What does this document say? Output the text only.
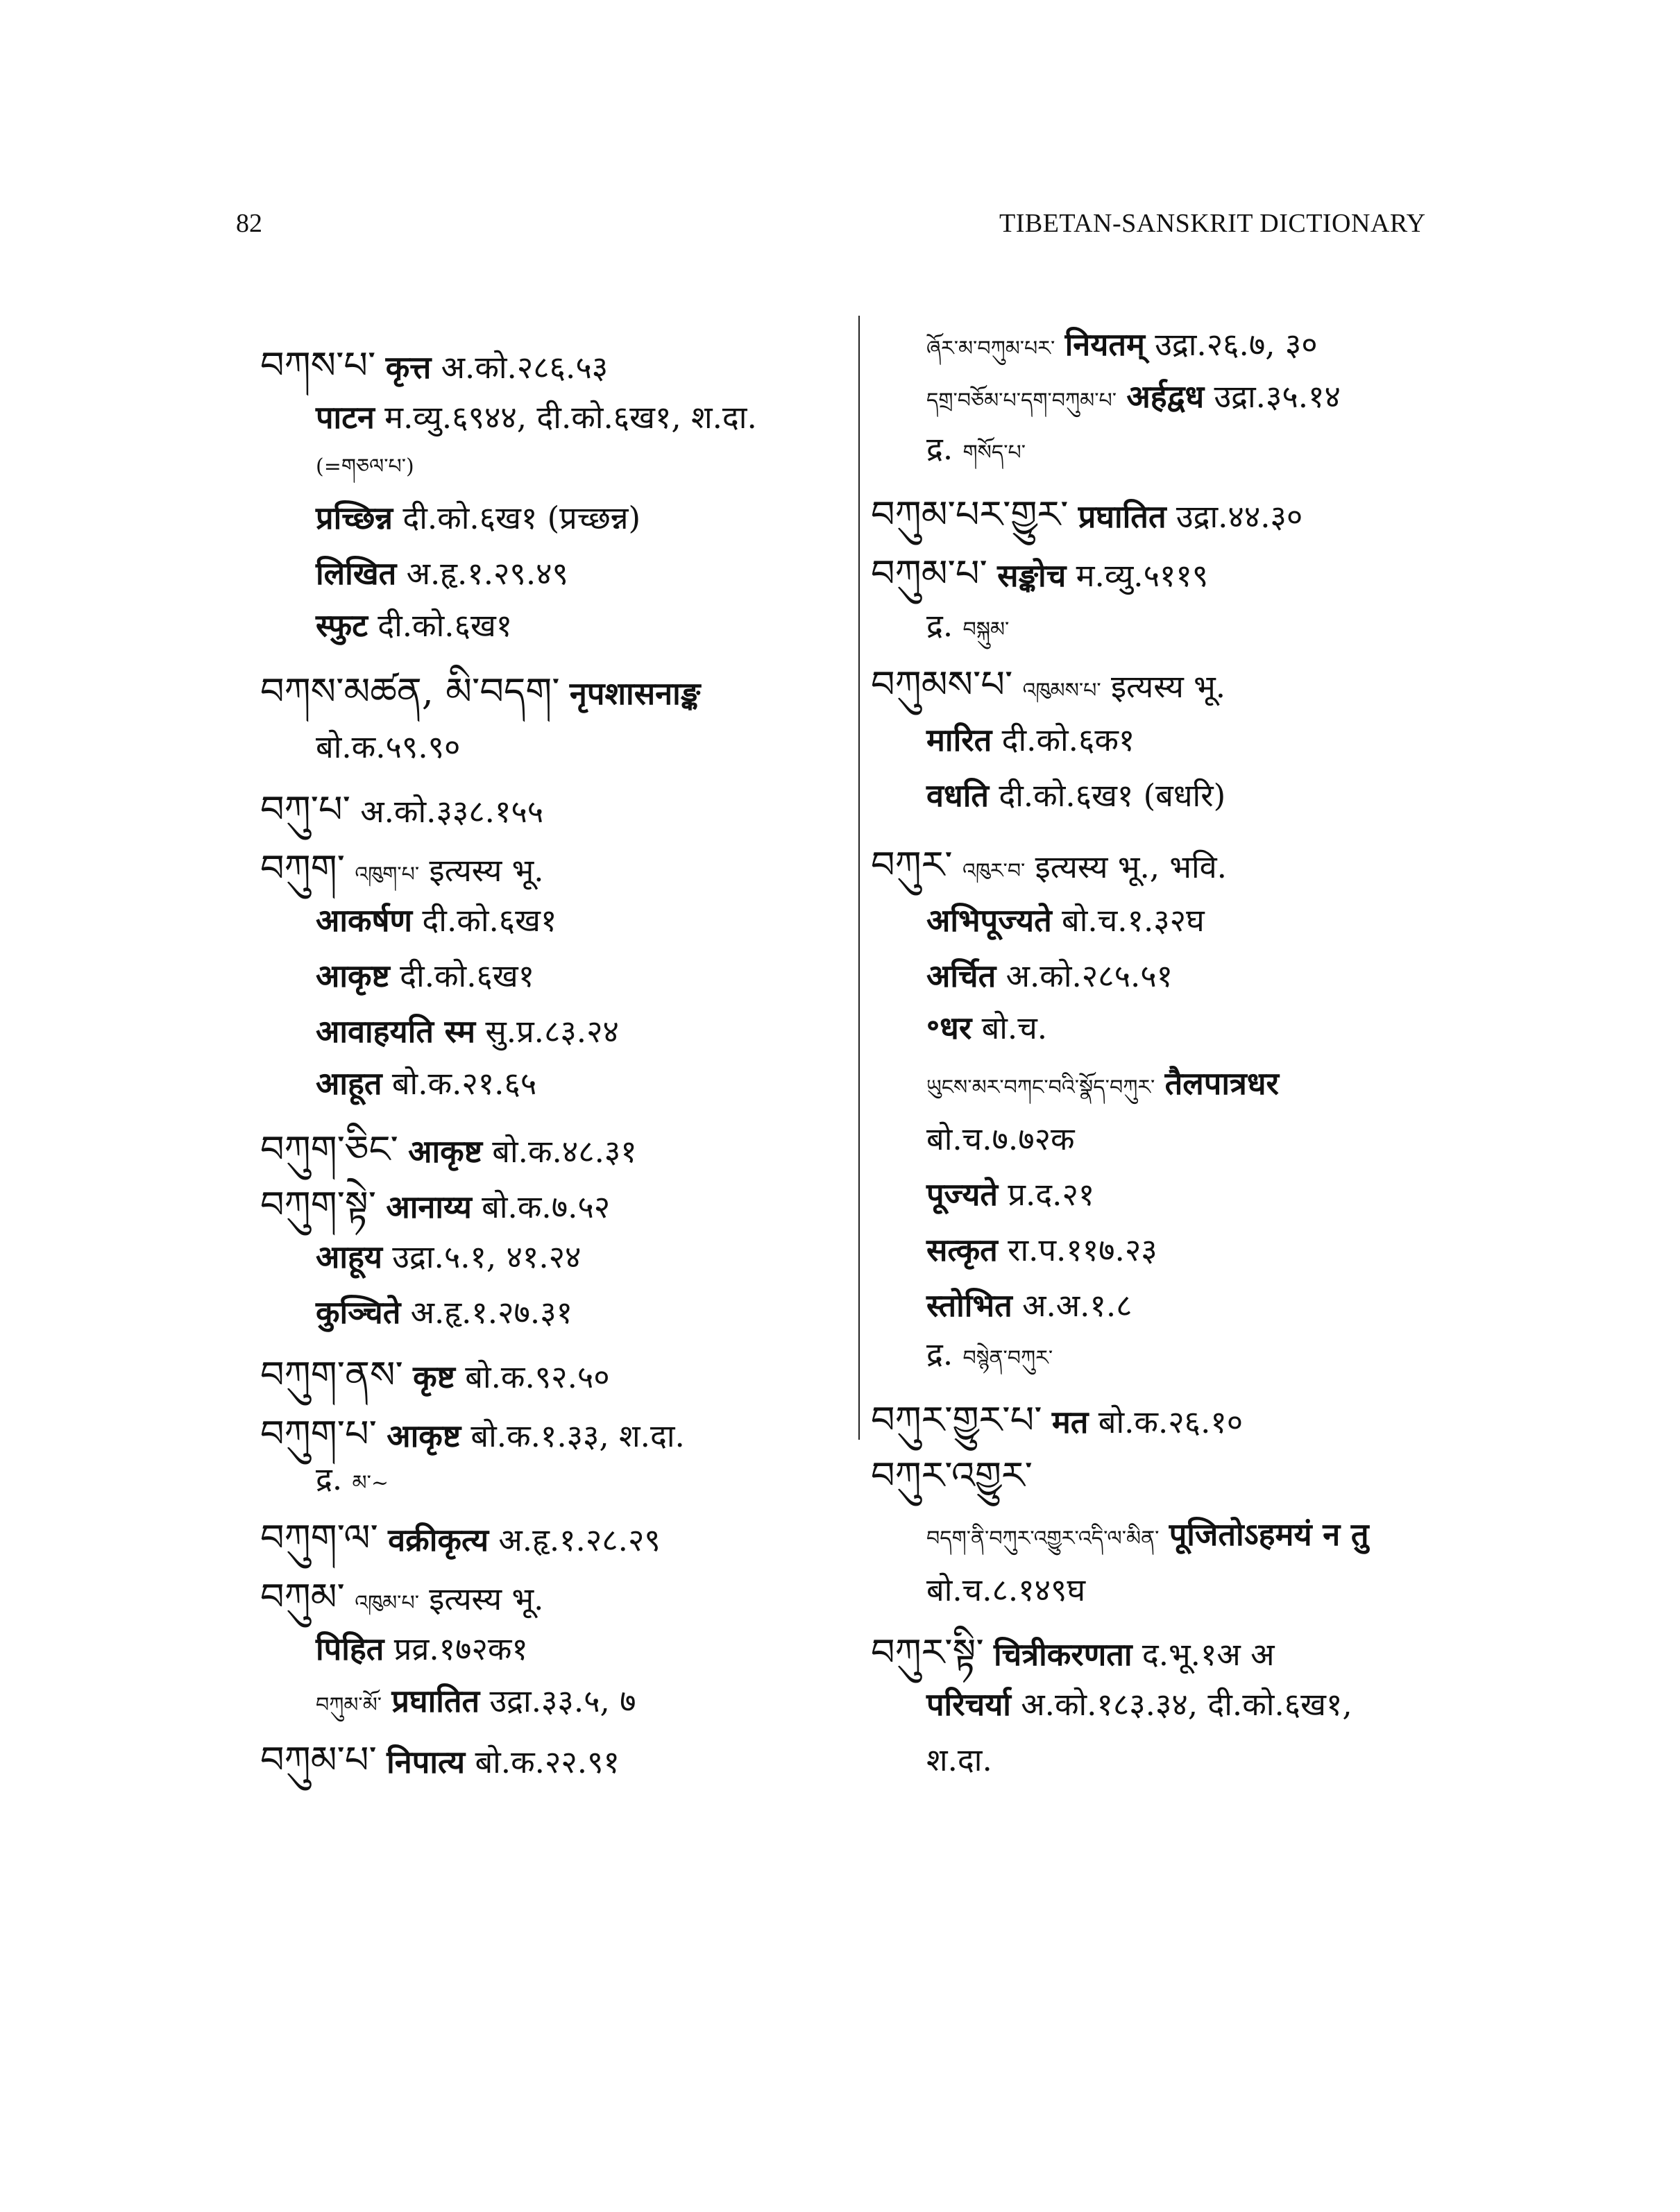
82	TIBETAN-SANSKRIT DICTIONARY
བཀས་པ་ कृत्त अ.को.२८६.५३
पाटन म.व्यु.६९४४, दी.को.६ख१, श.दा.
(=གཅལ་པ་)
प्रच्छिन्न दी.को.६ख१ (प्रच्छन्न)
लिखित अ.हृ.१.२९.४९
स्फुट दी.को.६ख१
བཀས་མཚན, མི་བདག་ नृपशासनाङ्क
बो.क.५९.९०
བཀུ་པ་ अ.को.३३८.१५५
བཀུག་ འཁུག་པ་ इत्यस्य भू.
आकर्षण दी.को.६ख१
आकृष्ट दी.को.६ख१
आवाहयति स्म सु.प्र.८३.२४
आहूत बो.क.२१.६५
བཀུག་ཅིང་ आकृष्ट बो.क.४८.३१
བཀུག་སྟེ་ आनाय्य बो.क.७.५२
आहूय उद्रा.५.१, ४१.२४
कुञ्चिते अ.हृ.१.२७.३१
བཀུག་ནས་ कृष्ट बो.क.९२.५०
བཀུག་པ་ आकृष्ट बो.क.१.३३, श.दा.
द्र. མ་~
བཀུག་ལ་ वक्रीकृत्य अ.हृ.१.२८.२९
བཀུམ་ འཁུམ་པ་ इत्यस्य भू.
पिहित प्रव्र.१७२क१
བཀུམ་མོ་ प्रघातित उद्रा.३३.५, ७
བཀུམ་པ་ निपात्य बो.क.२२.९१
ཞོར་མ་བཀུམ་པར་ नियतम् उद्रा.२६.७, ३०
དགྲ་བཅོམ་པ་དག་བཀུམ་པ་ अर्हद्वध उद्रा.३५.१४
द्र. གསོད་པ་
བཀུམ་པར་གྱུར་ प्रघातित उद्रा.४४.३०
བཀུམ་པ་ सङ्कोच म.व्यु.५११९
द्र. བསྐུམ་
བཀུམས་པ་ འཁུམས་པ་ इत्यस्य भू.
मारित दी.को.६क१
वधति दी.को.६ख१ (बधरि)
བཀུར་ འཁུར་བ་ इत्यस्य भू., भवि.
अभिपूज्यते बो.च.१.३२घ
अर्चित अ.को.२८५.५१
॰धर बो.च.
ཡུངས་མར་བཀང་བའི་སྣོད་བཀུར་ तैलपात्रधर
बो.च.७.७२क
पूज्यते प्र.द.२१
सत्कृत रा.प.११७.२३
स्तोभित अ.अ.१.८
द्र. བསྙེན་བཀུར་
བཀུར་གྱུར་པ་ मत बो.क.२६.१०
བཀུར་འགྱུར་
བདག་ནི་བཀུར་འགྱུར་འདི་ལ་མིན་ पूजितोऽहमयं न तु
बो.च.८.१४९घ
བཀུར་སྟི་ चित्रीकरणता द.भू.१अ अ
परिचर्या अ.को.१८३.३४, दी.को.६ख१,
श.दा.
